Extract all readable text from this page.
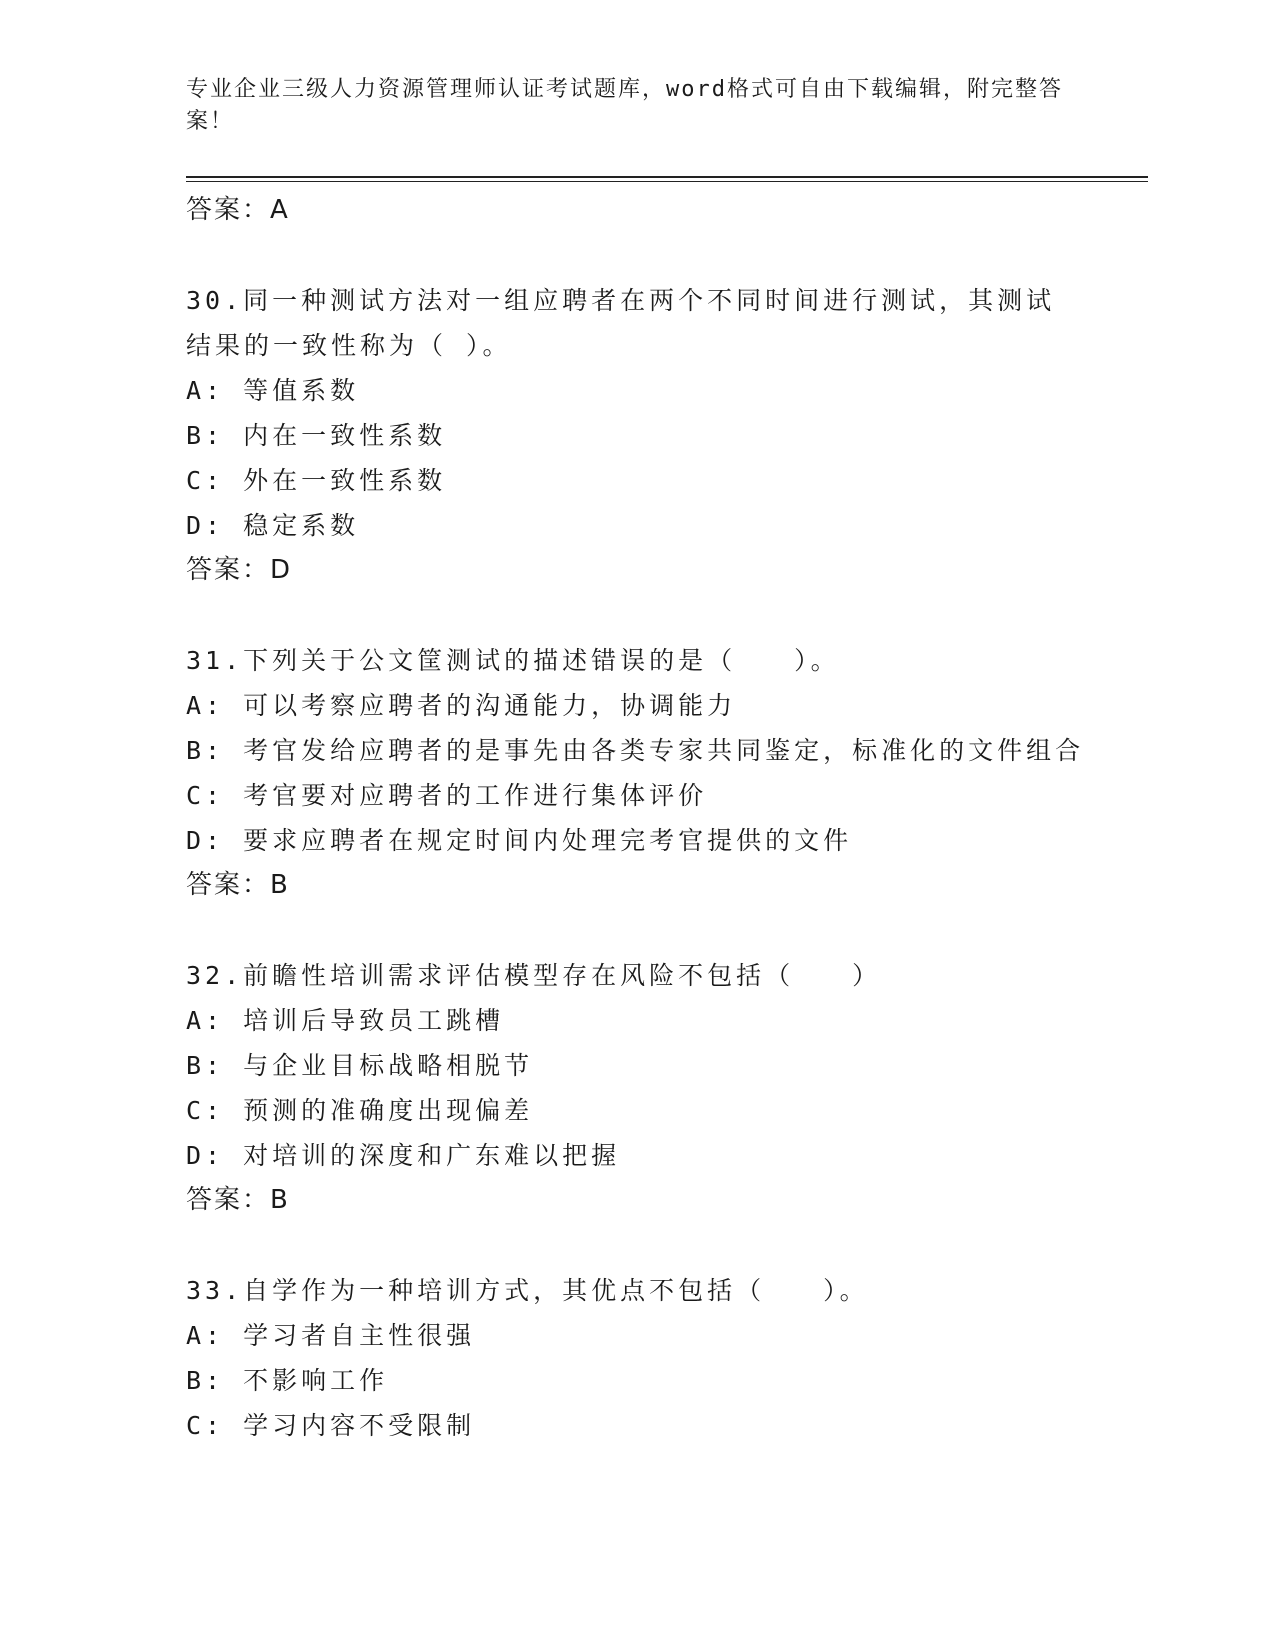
专业企业三级人力资源管理师认证考试题库，word格式可自由下载编辑，附完整答案！
答案：A
30.同一种测试方法对一组应聘者在两个不同时间进行测试，其测试结果的一致性称为（ ）。
A: 等值系数
B: 内在一致性系数
C: 外在一致性系数
D: 稳定系数
答案：D
31.下列关于公文筐测试的描述错误的是（　　）。
A: 可以考察应聘者的沟通能力，协调能力
B: 考官发给应聘者的是事先由各类专家共同鉴定，标准化的文件组合
C: 考官要对应聘者的工作进行集体评价
D: 要求应聘者在规定时间内处理完考官提供的文件
答案：B
32.前瞻性培训需求评估模型存在风险不包括（　　）
A: 培训后导致员工跳槽
B: 与企业目标战略相脱节
C: 预测的准确度出现偏差
D: 对培训的深度和广东难以把握
答案：B
33.自学作为一种培训方式，其优点不包括（　　）。
A: 学习者自主性很强
B: 不影响工作
C: 学习内容不受限制
